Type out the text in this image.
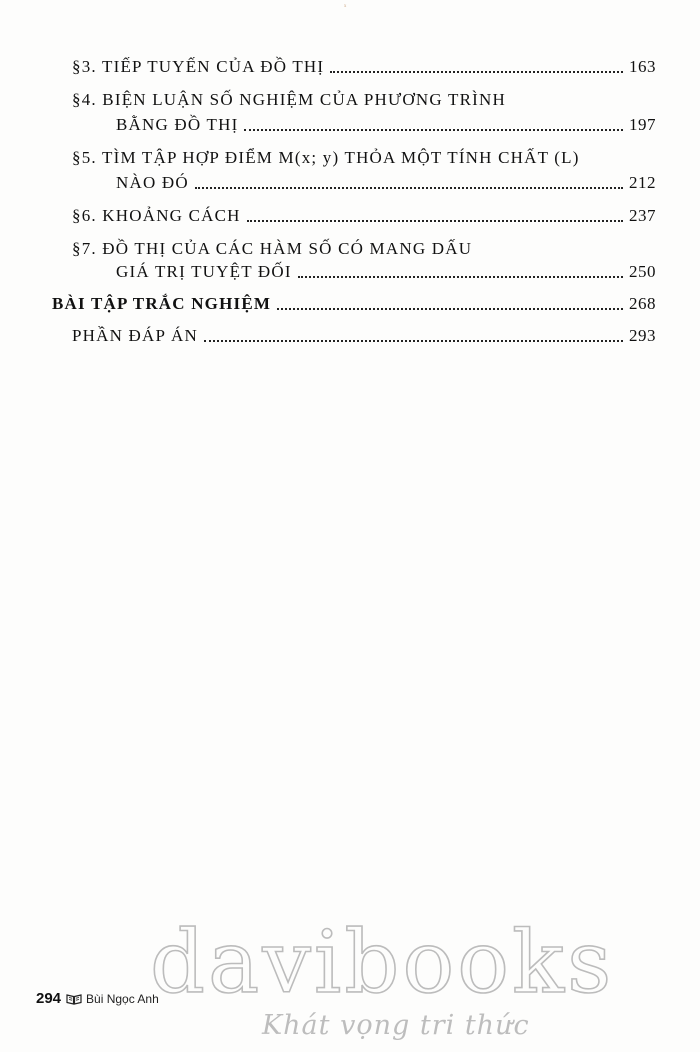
ˣ
§3. TIẾP TUYẾN CỦA ĐỒ THỊ	163
§4. BIỆN LUẬN SỐ NGHIỆM CỦA PHƯƠNG TRÌNH
BẰNG ĐỒ THỊ	197
§5. TÌM TẬP HỢP ĐIỂM M(x; y) THỎA MỘT TÍNH CHẤT (L)
NÀO ĐÓ	212
§6. KHOẢNG CÁCH	237
§7. ĐỒ THỊ CỦA CÁC HÀM SỐ CÓ MANG DẤU
GIÁ TRỊ TUYỆT ĐỐI	250
BÀI TẬP TRẮC NGHIỆM	268
PHẦN ĐÁP ÁN	293
davibooks
Khát vọng tri thức
294 Bùi Ngọc Anh
